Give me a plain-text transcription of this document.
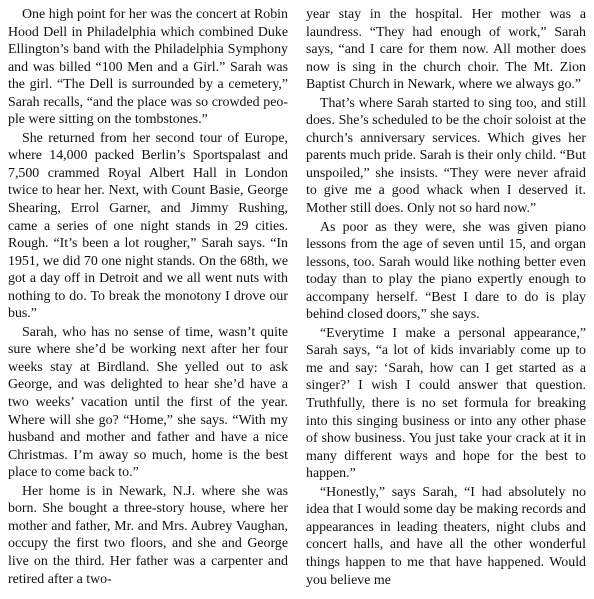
One high point for her was the concert at Robin Hood Dell in Philadelphia which combined Duke Ellington’s band with the Philadelphia Symphony and was billed “100 Men and a Girl.” Sarah was the girl. “The Dell is surrounded by a cemetery,” Sarah recalls, “and the place was so crowded people were sitting on the tombstones.”

She returned from her second tour of Europe, where 14,000 packed Berlin’s Sportspalast and 7,500 crammed Royal Albert Hall in London twice to hear her. Next, with Count Basie, George Shearing, Errol Garner, and Jimmy Rushing, came a series of one night stands in 29 cities. Rough. “It’s been a lot rougher,” Sarah says. “In 1951, we did 70 one night stands. On the 68th, we got a day off in Detroit and we all went nuts with nothing to do. To break the monotony I drove our bus.”

Sarah, who has no sense of time, wasn’t quite sure where she’d be working next after her four weeks stay at Birdland. She yelled out to ask George, and was delighted to hear she’d have a two weeks’ vacation until the first of the year. Where will she go? “Home,” she says. “With my husband and mother and father and have a nice Christmas. I’m away so much, home is the best place to come back to.”

Her home is in Newark, N.J. where she was born. She bought a three-story house, where her mother and father, Mr. and Mrs. Aubrey Vaughan, occupy the first two floors, and she and George live on the third. Her father was a carpenter and retired after a two-

year stay in the hospital. Her mother was a laundress. “They had enough of work,” Sarah says, “and I care for them now. All mother does now is sing in the church choir. The Mt. Zion Baptist Church in Newark, where we always go.”

That’s where Sarah started to sing too, and still does. She’s scheduled to be the choir soloist at the church’s anniversary services. Which gives her parents much pride. Sarah is their only child. “But unspoiled,” she insists. “They were never afraid to give me a good whack when I deserved it. Mother still does. Only not so hard now.”

As poor as they were, she was given piano lessons from the age of seven until 15, and organ lessons, too. Sarah would like nothing better even today than to play the piano expertly enough to accompany herself. “Best I dare to do is play behind closed doors,” she says.

“Everytime I make a personal appearance,” Sarah says, “a lot of kids invariably come up to me and say: ‘Sarah, how can I get started as a singer?’ I wish I could answer that question. Truthfully, there is no set formula for breaking into this singing business or into any other phase of show business. You just take your crack at it in many different ways and hope for the best to happen.”

“Honestly,” says Sarah, “I had absolutely no idea that I would some day be making records and appearances in leading theaters, night clubs and concert halls, and have all the other wonderful things happen to me that have happened. Would you believe me
